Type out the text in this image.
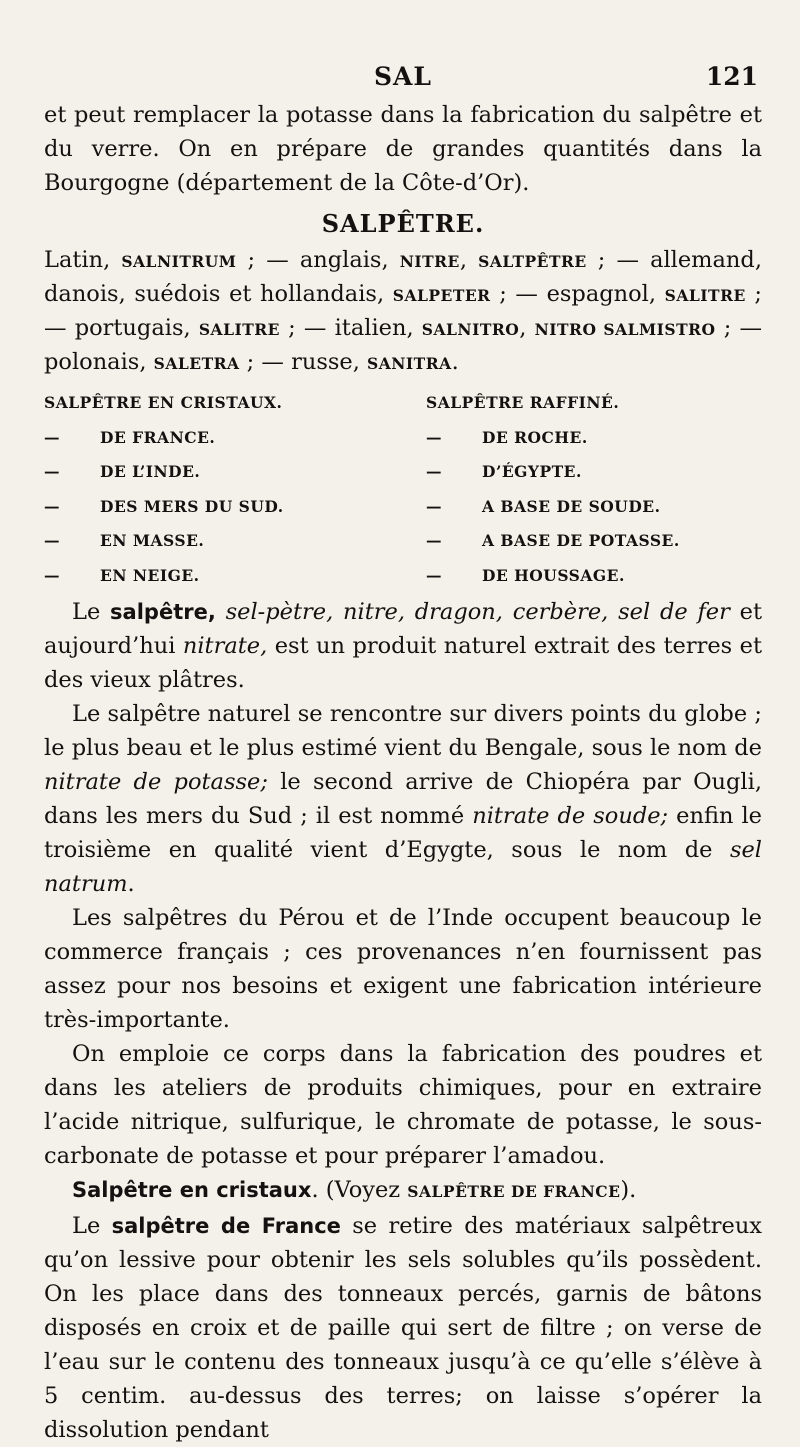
SAL	121

et peut remplacer la potasse dans la fabrication du salpêtre et du verre. On en prépare de grandes quantités dans la Bourgogne (département de la Côte-d’Or).

SALPÊTRE.

Latin, SALNITRUM ; — anglais, NITRE, SALTPÊTRE ; — allemand, danois, suédois et hollandais, SALPETER ; — espagnol, SALITRE ; — portugais, SALITRE ; — italien, SALNITRO, NITRO SALMISTRO ; — polonais, SALETRA ; — russe, SANITRA.

SALPÊTRE EN CRISTAUX.	SALPÊTRE RAFFINÉ.
—	DE FRANCE.	—	DE ROCHE.
—	DE L’INDE.	—	D’ÉGYPTE.
—	DES MERS DU SUD.	—	A BASE DE SOUDE.
—	EN MASSE.	—	A BASE DE POTASSE.
—	EN NEIGE.	—	DE HOUSSAGE.

Le salpêtre, sel-pètre, nitre, dragon, cerbère, sel de fer et aujourd’hui nitrate, est un produit naturel extrait des terres et des vieux plâtres.

Le salpêtre naturel se rencontre sur divers points du globe ; le plus beau et le plus estimé vient du Bengale, sous le nom de nitrate de potasse; le second arrive de Chiopéra par Ougli, dans les mers du Sud ; il est nommé nitrate de soude; enfin le troisième en qualité vient d’Egygte, sous le nom de sel natrum.

Les salpêtres du Pérou et de l’Inde occupent beaucoup le commerce français ; ces provenances n’en fournissent pas assez pour nos besoins et exigent une fabrication intérieure très-importante.

On emploie ce corps dans la fabrication des poudres et dans les ateliers de produits chimiques, pour en extraire l’acide nitrique, sulfurique, le chromate de potasse, le sous-carbonate de potasse et pour préparer l’amadou.

Salpêtre en cristaux. (Voyez SALPÊTRE DE FRANCE).

Le salpêtre de France se retire des matériaux salpêtreux qu’on lessive pour obtenir les sels solubles qu’ils possèdent. On les place dans des tonneaux percés, garnis de bâtons disposés en croix et de paille qui sert de filtre ; on verse de l’eau sur le contenu des tonneaux jusqu’à ce qu’elle s’élève à 5 centim. au-dessus des terres; on laisse s’opérer la dissolution pendant
